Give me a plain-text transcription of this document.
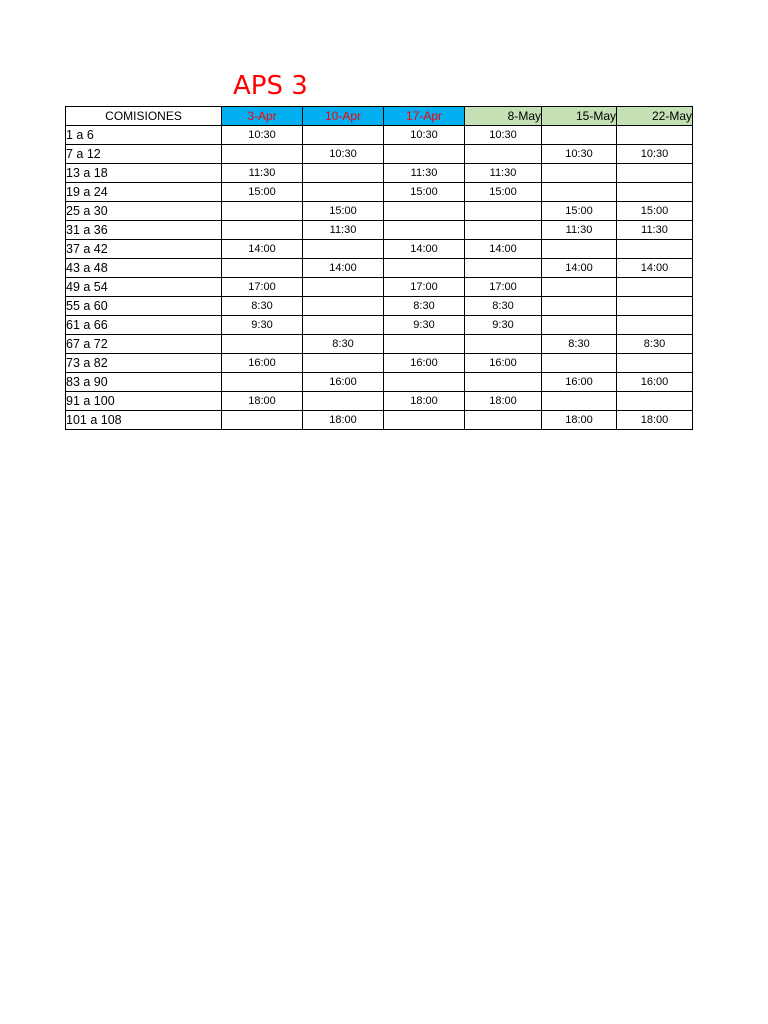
APS 3
COMISIONES	3-Apr	10-Apr	17-Apr	8-May	15-May	22-May
1 a 6	10:30		10:30	10:30		
7 a 12		10:30			10:30	10:30
13 a 18	11:30		11:30	11:30		
19 a 24	15:00		15:00	15:00		
25 a 30		15:00			15:00	15:00
31 a 36		11:30			11:30	11:30
37 a 42	14:00		14:00	14:00		
43 a 48		14:00			14:00	14:00
49 a 54	17:00		17:00	17:00		
55 a 60	8:30		8:30	8:30		
61 a 66	9:30		9:30	9:30		
67 a 72		8:30			8:30	8:30
73 a 82	16:00		16:00	16:00		
83 a 90		16:00			16:00	16:00
91 a 100	18:00		18:00	18:00		
101 a 108		18:00			18:00	18:00
